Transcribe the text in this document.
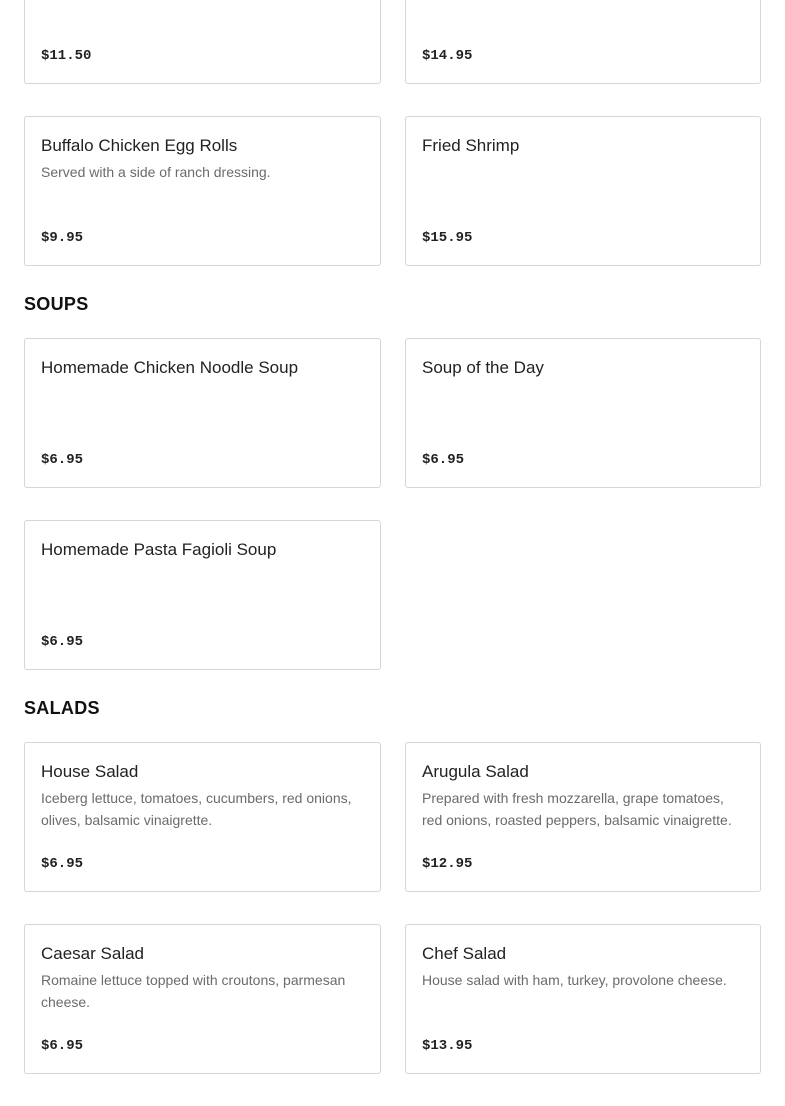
$11.50	$14.95
Buffalo Chicken Egg Rolls
Served with a side of ranch dressing.
$9.95
Fried Shrimp
$15.95
SOUPS
Homemade Chicken Noodle Soup
$6.95
Soup of the Day
$6.95
Homemade Pasta Fagioli Soup
$6.95
SALADS
House Salad
Iceberg lettuce, tomatoes, cucumbers, red onions, olives, balsamic vinaigrette.
$6.95
Arugula Salad
Prepared with fresh mozzarella, grape tomatoes, red onions, roasted peppers, balsamic vinaigrette.
$12.95
Caesar Salad
Romaine lettuce topped with croutons, parmesan cheese.
$6.95
Chef Salad
House salad with ham, turkey, provolone cheese.
$13.95
